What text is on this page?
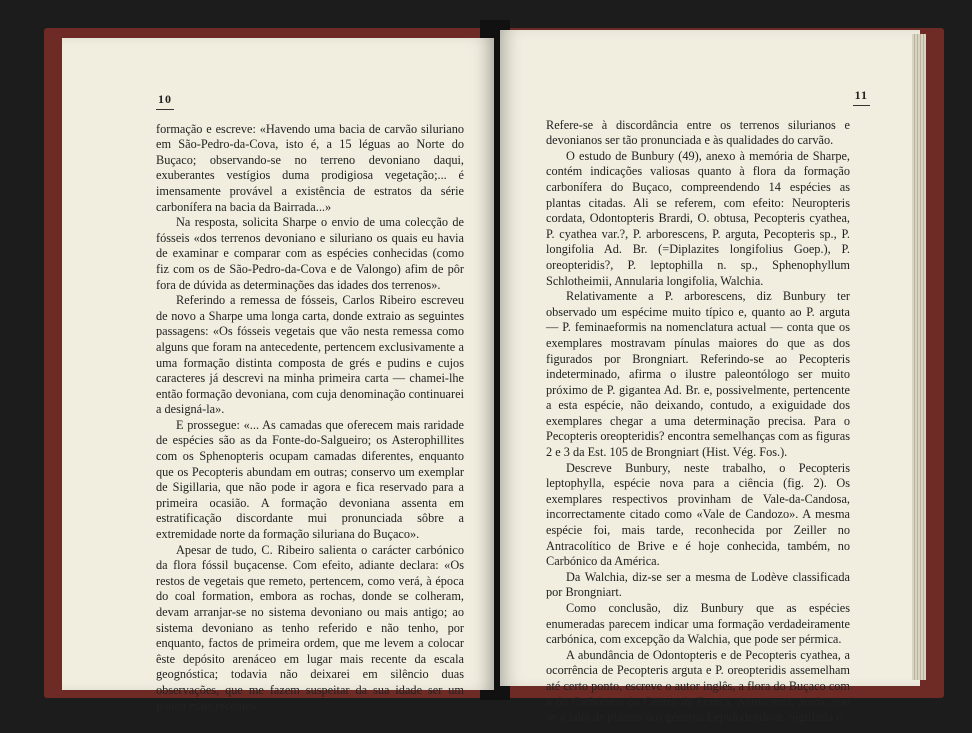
10

formação e escreve: «Havendo uma bacia de carvão siluriano em São-Pedro-da-Cova, isto é, a 15 léguas ao Norte do Buçaco; observando-se no terreno devoniano daqui, exuberantes vestígios duma prodigiosa vegetação;... é imensamente provável a existência de estratos da série carbonífera na bacia da Bairrada...»

Na resposta, solicita Sharpe o envio de uma colecção de fósseis «dos terrenos devoniano e siluriano os quais eu havia de examinar e comparar com as espécies conhecidas (como fiz com os de São-Pedro-da-Cova e de Valongo) afim de pôr fora de dúvida as determinações das idades dos terrenos».

Referindo a remessa de fósseis, Carlos Ribeiro escreveu de novo a Sharpe uma longa carta, donde extraio as seguintes passagens: «Os fósseis vegetais que vão nesta remessa como alguns que foram na antecedente, pertencem exclusivamente a uma formação distinta composta de grés e pudins e cujos caracteres já descrevi na minha primeira carta — chamei-lhe então formação devoniana, com cuja denominação continuarei a designá-la».

E prossegue: «... As camadas que oferecem mais raridade de espécies são as da Fonte-do-Salgueiro; os Asterophillites com os Sphenopteris ocupam camadas diferentes, enquanto que os Pecopteris abundam em outras; conservo um exemplar de Sigillaria, que não pode ir agora e fica reservado para a primeira ocasião. A formação devoniana assenta em estratificação discordante mui pronunciada sôbre a extremidade norte da formação siluriana do Buçaco».

Apesar de tudo, C. Ribeiro salienta o carácter carbónico da flora fóssil buçacense. Com efeito, adiante declara: «Os restos de vegetais que remeto, pertencem, como verá, à época do coal formation, embora as rochas, donde se colheram, devam arranjar-se no sistema devoniano ou mais antigo; ao sistema devoniano as tenho referido e não tenho, por enquanto, factos de primeira ordem, que me levem a colocar êste depósito arenáceo em lugar mais recente da escala geognóstica; todavia não deixarei em silêncio duas observações, que me fazem suspeitar da sua idade ser um pouco mais recente».

11

Refere-se à discordância entre os terrenos silurianos e devonianos ser tão pronunciada e às qualidades do carvão.

O estudo de Bunbury (49), anexo à memória de Sharpe, contém indicações valiosas quanto à flora da formação carbonífera do Buçaco, compreendendo 14 espécies as plantas citadas. Ali se referem, com efeito: Neuropteris cordata, Odontopteris Brardi, O. obtusa, Pecopteris cyathea, P. cyathea var.?, P. arborescens, P. arguta, Pecopteris sp., P. longifolia Ad. Br. (=Diplazites longifolius Goep.), P. oreopteridis?, P. leptophilla n. sp., Sphenophyllum Schlotheimii, Annularia longifolia, Walchia.

Relativamente a P. arborescens, diz Bunbury ter observado um espécime muito típico e, quanto ao P. arguta — P. feminaeformis na nomenclatura actual — conta que os exemplares mostravam pínulas maiores do que as dos figurados por Brongniart. Referindo-se ao Pecopteris indeterminado, afirma o ilustre paleontólogo ser muito próximo de P. gigantea Ad. Br. e, possivelmente, pertencente a esta espécie, não deixando, contudo, a exiguidade dos exemplares chegar a uma determinação precisa. Para o Pecopteris oreopteridis? encontra semelhanças com as figuras 2 e 3 da Est. 105 de Brongniart (Hist. Vég. Fos.).

Descreve Bunbury, neste trabalho, o Pecopteris leptophylla, espécie nova para a ciência (fig. 2). Os exemplares respectivos provinham de Vale-da-Candosa, incorrectamente citado como «Vale de Candozo». A mesma espécie foi, mais tarde, reconhecida por Zeiller no Antracolítico de Brive e é hoje conhecida, também, no Carbónico da América.

Da Walchia, diz-se ser a mesma de Lodève classificada por Brongniart.

Como conclusão, diz Bunbury que as espécies enumeradas parecem indicar uma formação verdadeiramente carbónica, com excepção da Walchia, que pode ser pérmica.

A abundância de Odontopteris e de Pecopteris cyathea, a ocorrência de Pecopteris arguta e P. oreopteridis assemelham até certo ponto, escreve o autor inglês, a flora do Buçaco com a do Carbónico do Centro da França. Acrescenta, ainda, que se a falta de plantas dos géneros Lepidodendron, Sigillaria e
